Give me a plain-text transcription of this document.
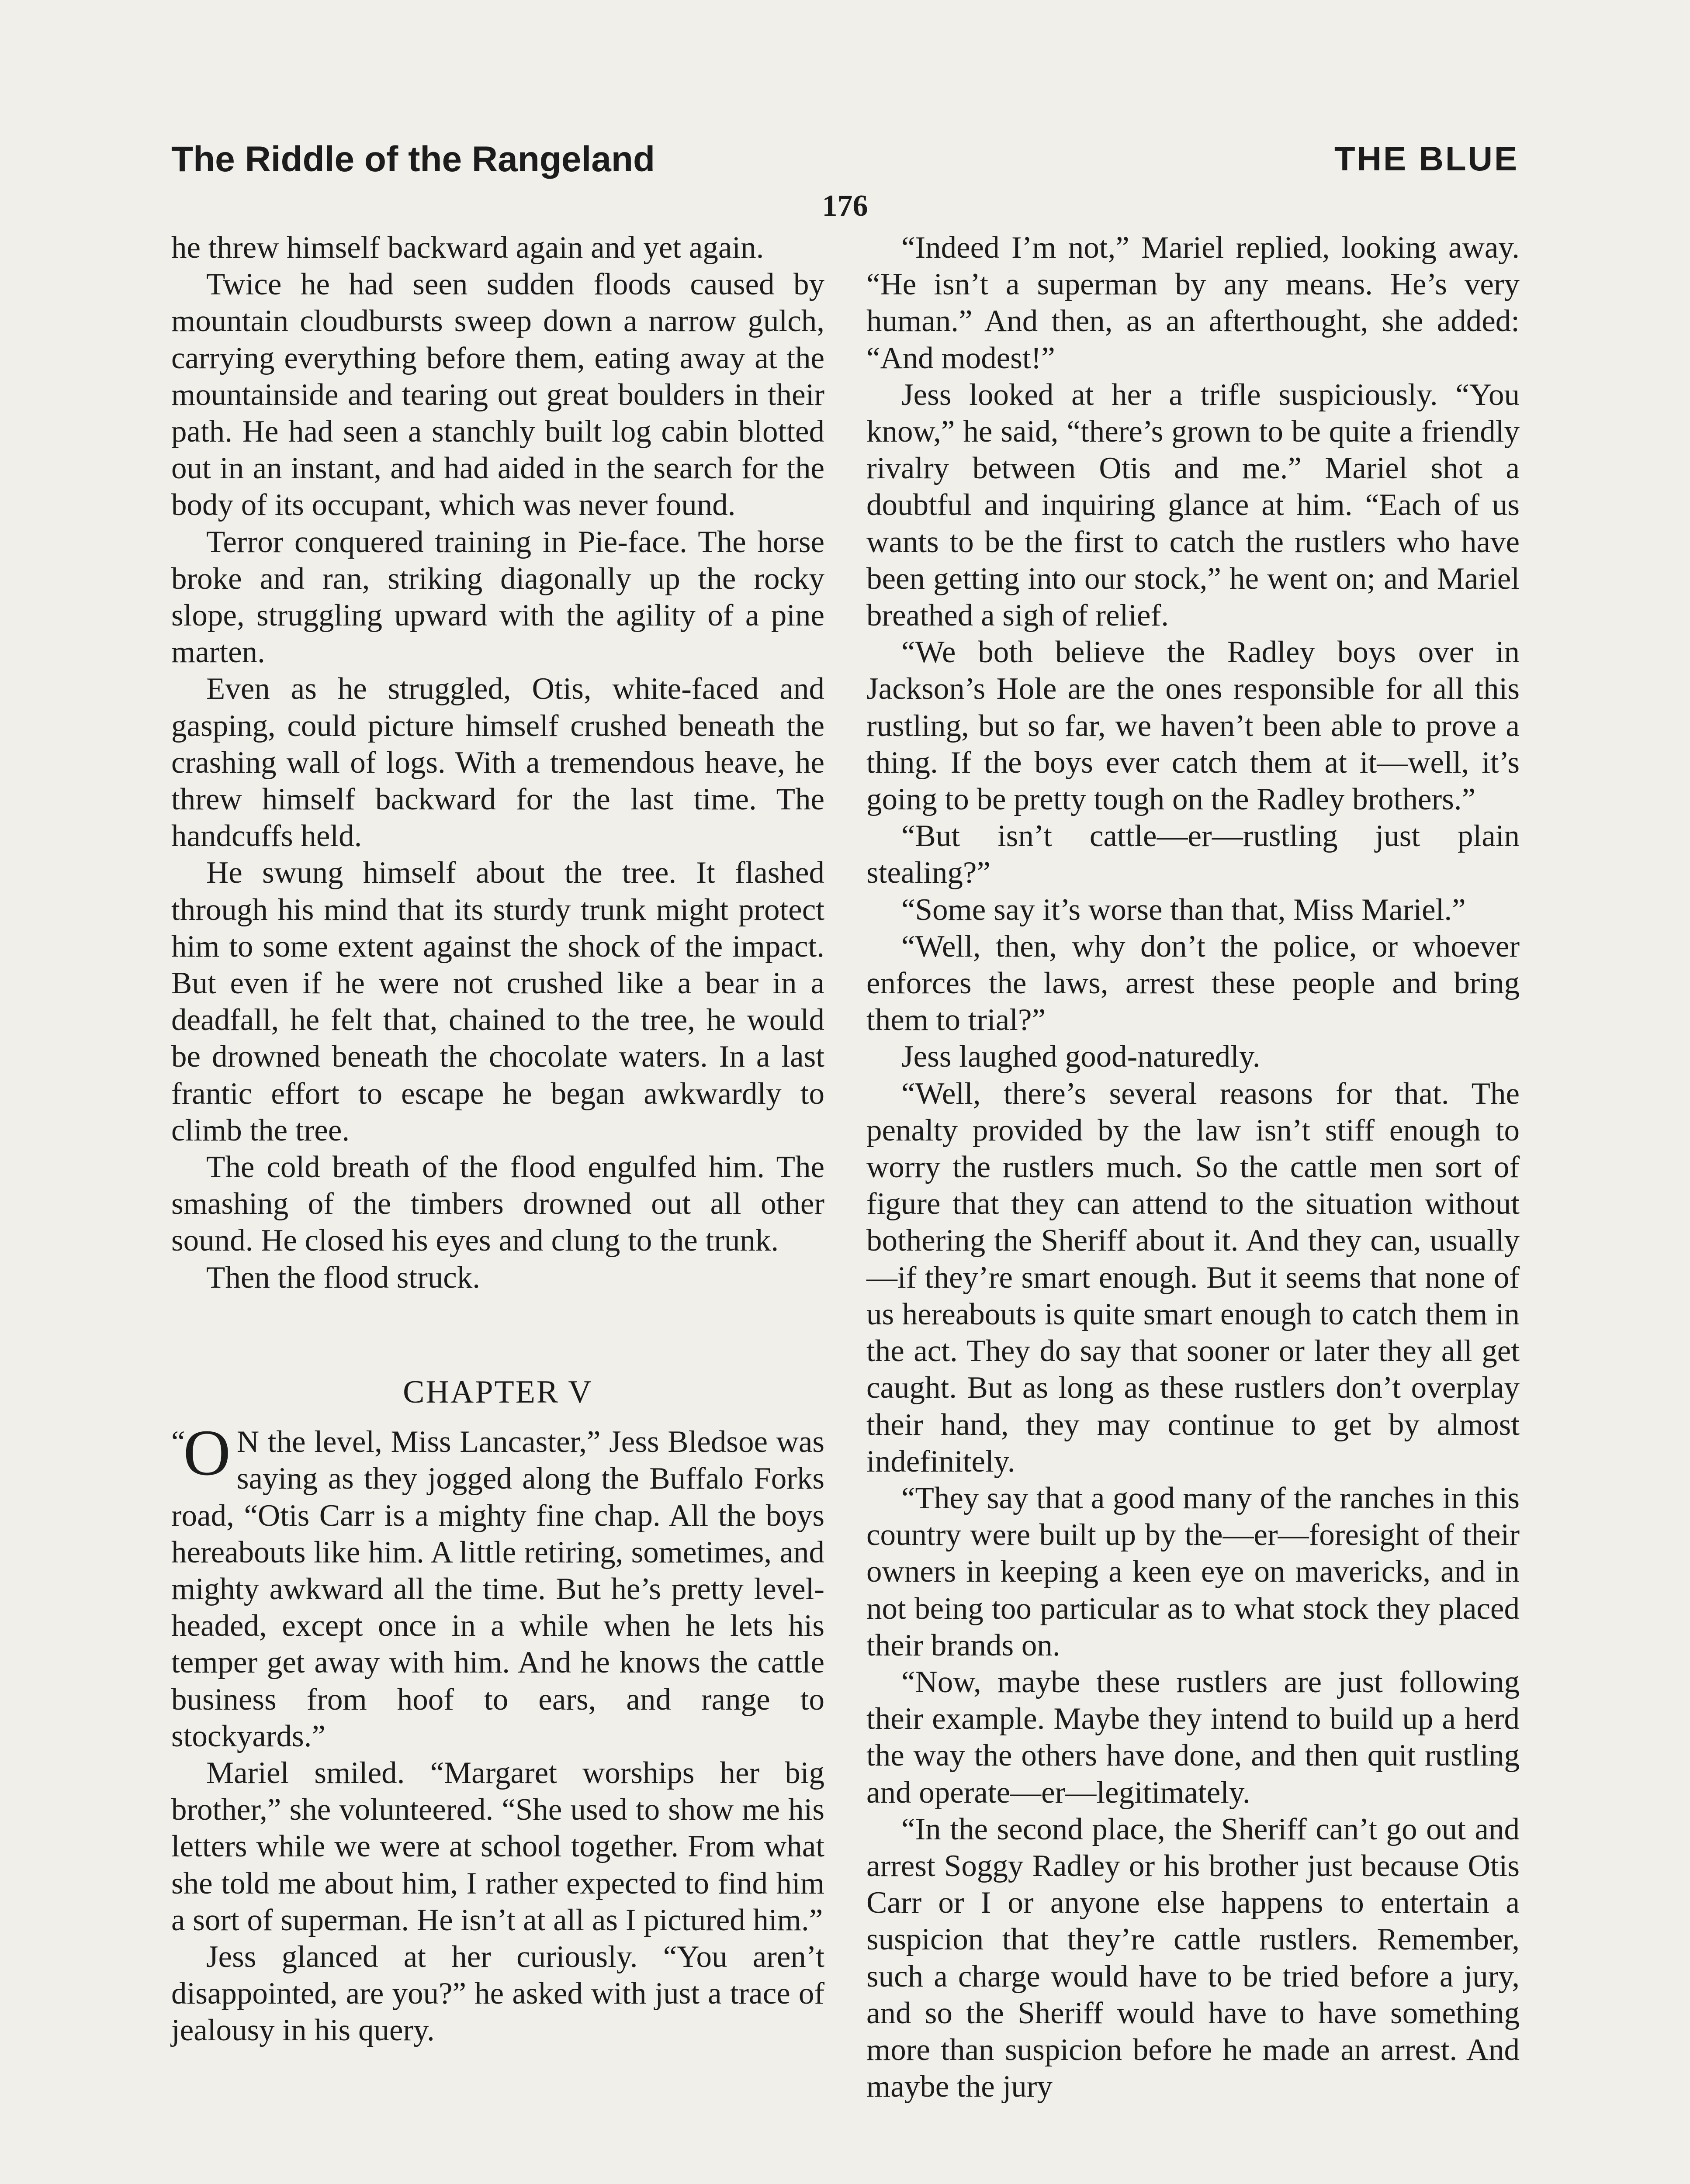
The Riddle of the Rangeland	THE BLUE
176

he threw himself backward again and yet again.

Twice he had seen sudden floods caused by mountain cloudbursts sweep down a narrow gulch, carrying everything before them, eating away at the mountainside and tearing out great boulders in their path. He had seen a stanchly built log cabin blotted out in an instant, and had aided in the search for the body of its occupant, which was never found.

Terror conquered training in Pie-face. The horse broke and ran, striking diagonally up the rocky slope, struggling upward with the agility of a pine marten.

Even as he struggled, Otis, white-faced and gasping, could picture himself crushed beneath the crashing wall of logs. With a tremendous heave, he threw himself backward for the last time. The handcuffs held.

He swung himself about the tree. It flashed through his mind that its sturdy trunk might protect him to some extent against the shock of the impact. But even if he were not crushed like a bear in a deadfall, he felt that, chained to the tree, he would be drowned beneath the chocolate waters. In a last frantic effort to escape he began awkwardly to climb the tree.

The cold breath of the flood engulfed him. The smashing of the timbers drowned out all other sound. He closed his eyes and clung to the trunk.

Then the flood struck.

CHAPTER V

“
O N the level, Miss Lancaster,” Jess Bledsoe was saying as they jogged along the Buffalo Forks road, “Otis Carr is a mighty fine chap. All the boys hereabouts like him. A little retiring, sometimes, and mighty awkward all the time. But he’s pretty level-headed, except once in a while when he lets his temper get away with him. And he knows the cattle business from hoof to ears, and range to stockyards.”

Mariel smiled. “Margaret worships her big brother,” she volunteered. “She used to show me his letters while we were at school together. From what she told me about him, I rather expected to find him a sort of superman. He isn’t at all as I pictured him.”

Jess glanced at her curiously. “You aren’t disappointed, are you?” he asked with just a trace of jealousy in his query.

“Indeed I’m not,” Mariel replied, looking away. “He isn’t a superman by any means. He’s very human.” And then, as an afterthought, she added: “And modest!”

Jess looked at her a trifle suspiciously. “You know,” he said, “there’s grown to be quite a friendly rivalry between Otis and me.” Mariel shot a doubtful and inquiring glance at him. “Each of us wants to be the first to catch the rustlers who have been getting into our stock,” he went on; and Mariel breathed a sigh of relief.

“We both believe the Radley boys over in Jackson’s Hole are the ones responsible for all this rustling, but so far, we haven’t been able to prove a thing. If the boys ever catch them at it—well, it’s going to be pretty tough on the Radley brothers.”

“But isn’t cattle—er—rustling just plain stealing?”

“Some say it’s worse than that, Miss Mariel.”

“Well, then, why don’t the police, or whoever enforces the laws, arrest these people and bring them to trial?”

Jess laughed good-naturedly.

“Well, there’s several reasons for that. The penalty provided by the law isn’t stiff enough to worry the rustlers much. So the cattle men sort of figure that they can attend to the situation without bothering the Sheriff about it. And they can, usually—if they’re smart enough. But it seems that none of us hereabouts is quite smart enough to catch them in the act. They do say that sooner or later they all get caught. But as long as these rustlers don’t overplay their hand, they may continue to get by almost indefinitely.

“They say that a good many of the ranches in this country were built up by the—er—foresight of their owners in keeping a keen eye on mavericks, and in not being too particular as to what stock they placed their brands on.

“Now, maybe these rustlers are just following their example. Maybe they intend to build up a herd the way the others have done, and then quit rustling and operate—er—legitimately.

“In the second place, the Sheriff can’t go out and arrest Soggy Radley or his brother just because Otis Carr or I or anyone else happens to entertain a suspicion that they’re cattle rustlers. Remember, such a charge would have to be tried before a jury, and so the Sheriff would have to have something more than suspicion before he made an arrest. And maybe the jury
